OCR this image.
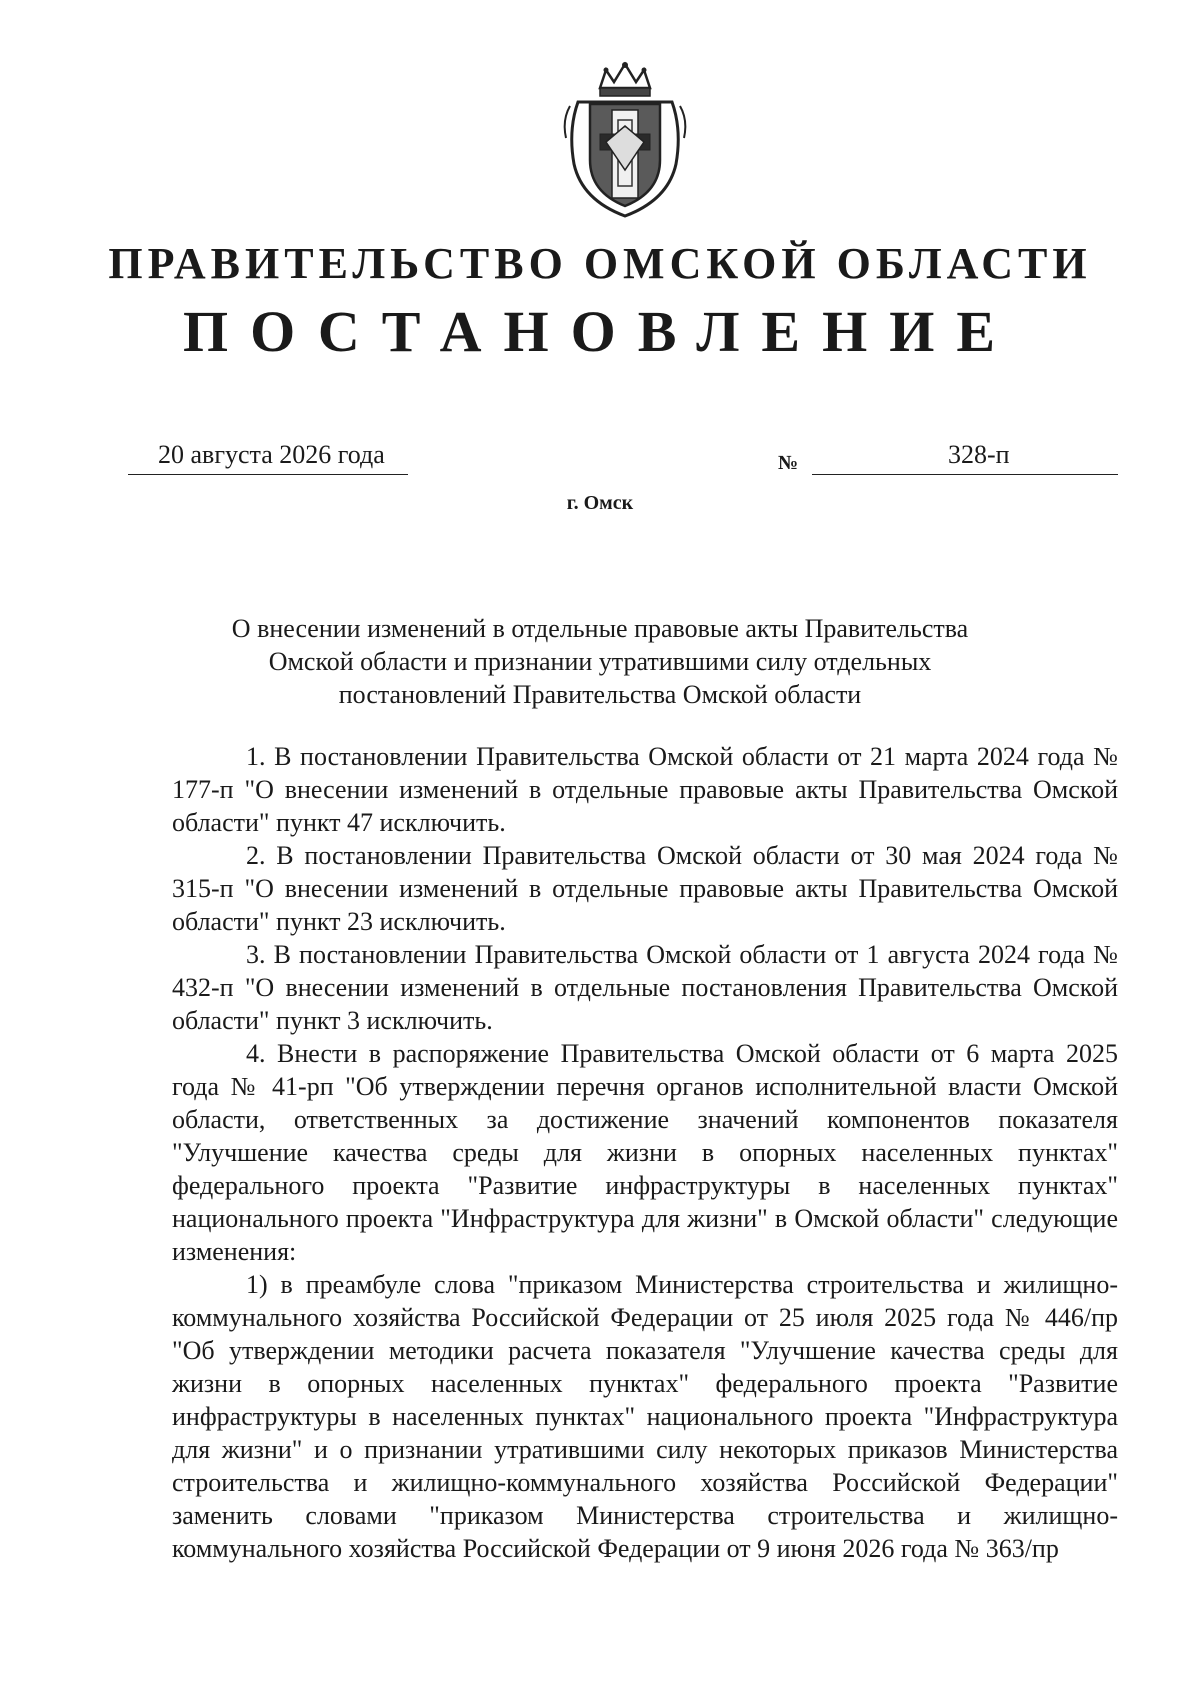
ПРАВИТЕЛЬСТВО ОМСКОЙ ОБЛАСТИ
ПОСТАНОВЛЕНИЕ
20 августа 2026 года	№	328-п
г. Омск
О внесении изменений в отдельные правовые акты Правительства
Омской области и признании утратившими силу отдельных
постановлений Правительства Омской области

1. В постановлении Правительства Омской области от 21 марта 2024 года № 177-п "О внесении изменений в отдельные правовые акты Правительства Омской области" пункт 47 исключить.

2. В постановлении Правительства Омской области от 30 мая 2024 года № 315-п "О внесении изменений в отдельные правовые акты Правительства Омской области" пункт 23 исключить.

3. В постановлении Правительства Омской области от 1 августа 2024 года № 432-п "О внесении изменений в отдельные постановления Правительства Омской области" пункт 3 исключить.

4. Внести в распоряжение Правительства Омской области от 6 марта 2025 года № 41-рп "Об утверждении перечня органов исполнительной власти Омской области, ответственных за достижение значений компонентов показателя "Улучшение качества среды для жизни в опорных населенных пунктах" федерального проекта "Развитие инфраструктуры в населенных пунктах" национального проекта "Инфраструктура для жизни" в Омской области" следующие изменения:

1) в преамбуле слова "приказом Министерства строительства и жилищно-коммунального хозяйства Российской Федерации от 25 июля 2025 года № 446/пр "Об утверждении методики расчета показателя "Улучшение качества среды для жизни в опорных населенных пунктах" федерального проекта "Развитие инфраструктуры в населенных пунктах" национального проекта "Инфраструктура для жизни" и о признании утратившими силу некоторых приказов Министерства строительства и жилищно-коммунального хозяйства Российской Федерации" заменить словами "приказом Министерства строительства и жилищно-коммунального хозяйства Российской Федерации от 9 июня 2026 года № 363/пр
